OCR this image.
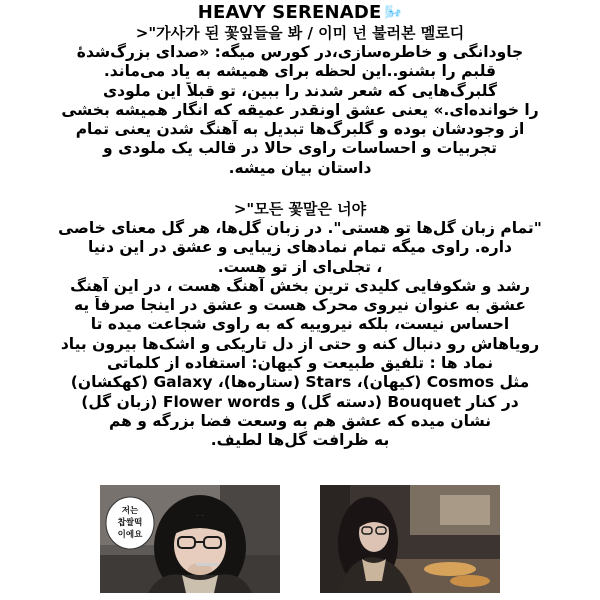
HEAVY SERENADE 🌬️
>"가사가 된 꽃잎들을 봐 / 이미 넌 불러본 멜로디
جاودانگی و خاطره‌سازی،در کورس میگه: «صدای بزرگ‌شدهٔ
قلبم را بشنو..این لحظه برای همیشه به یاد می‌ماند.
گلبرگ‌هایی که شعر شدند را ببین، تو قبلاً این ملودی
را خوانده‌ای.» یعنی عشق اونقدر عمیقه که انگار همیشه بخشی
از وجودشان بوده و گلبرگ‌ها تبدیل به آهنگ شدن یعنی تمام
تجربیات و احساسات راوی حالا در قالب یک ملودی و
داستان بیان میشه.
>"모든 꽃말은 너야
"تمام زبان گل‌ها تو هستی". در زبان گل‌ها، هر گل معنای خاصی
داره. راوی میگه تمام نمادهای زیبایی و عشق در این دنیا
، تجلی‌ای از تو هست.
رشد و شکوفایی کلیدی ترین بخش آهنگ هست ، در این آهنگ
عشق به عنوان نیروی محرک هست و عشق در اینجا صرفاً یه
احساس نیست، بلکه نیروییه که به راوی شجاعت میده تا
رویاهاش رو دنبال کنه و حتی از دل تاریکی و اشک‌ها بیرون بیاد
نماد ها : تلفیق طبیعت و کیهان: استفاده از کلماتی
مثل Cosmos (کیهان)، Stars (ستاره‌ها)، Galaxy (کهکشان)
در کنار Bouquet (دسته گل) و Flower words (زبان گل)
نشان میده که عشق هم به وسعت فضا بزرگه و هم
به ظرافت گل‌ها لطیف.
저는
찹쌀떡
이에요
